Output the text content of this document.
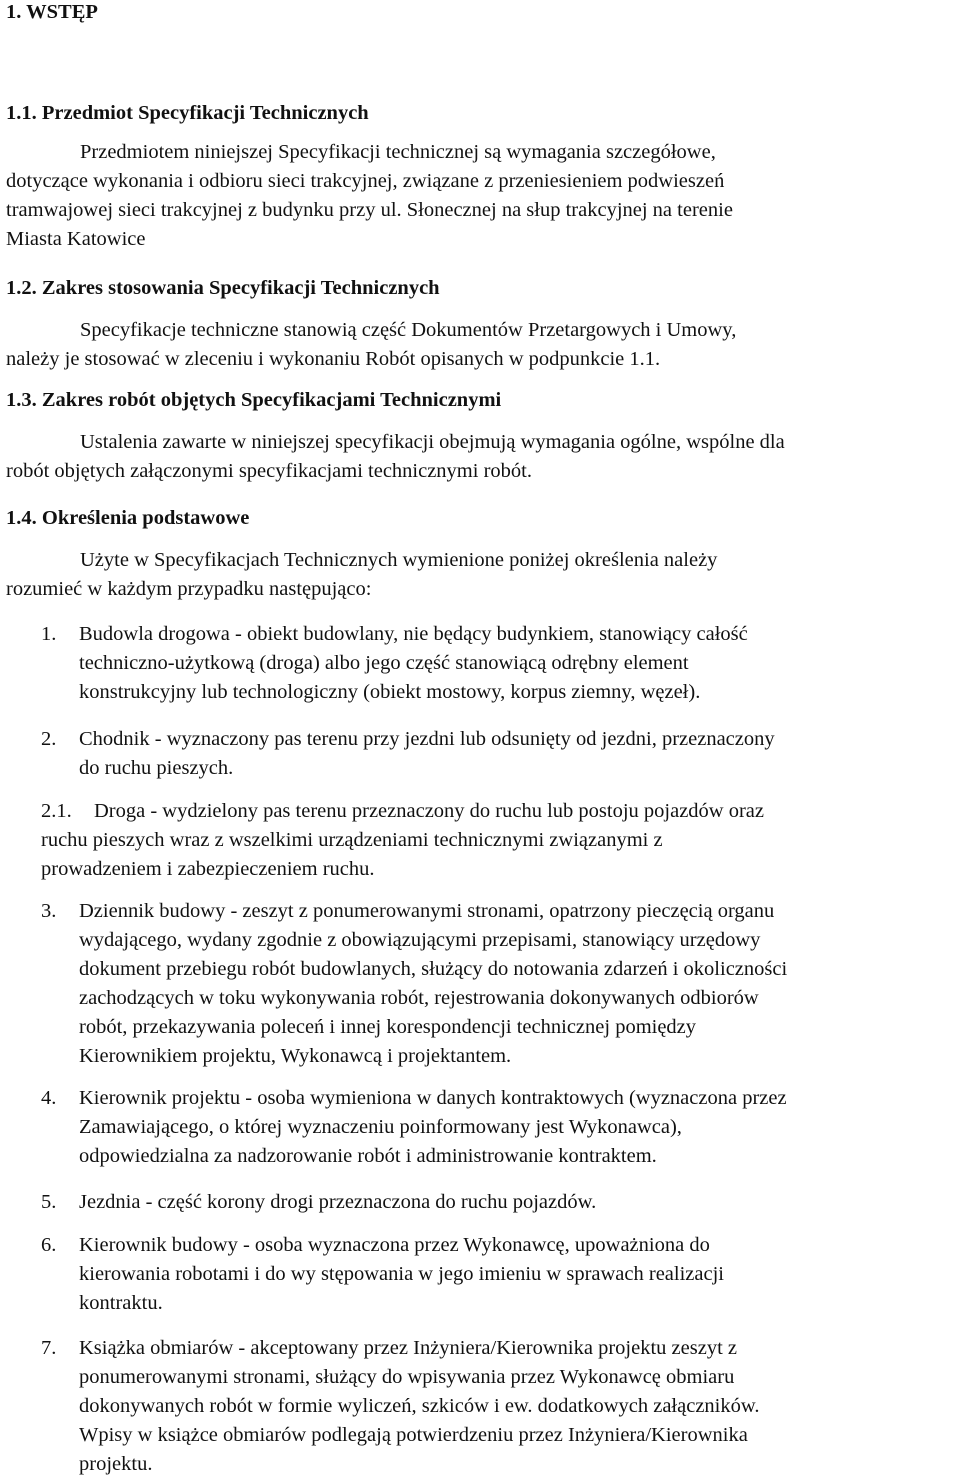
1. WSTĘP
1.1. Przedmiot Specyfikacji Technicznych
Przedmiotem niniejszej Specyfikacji technicznej są wymagania szczegółowe,
dotyczące wykonania i odbioru sieci trakcyjnej, związane z przeniesieniem podwieszeń
tramwajowej sieci trakcyjnej z budynku przy ul. Słonecznej na słup trakcyjnej na terenie
Miasta Katowice
1.2. Zakres stosowania Specyfikacji Technicznych
Specyfikacje techniczne stanowią część Dokumentów Przetargowych i Umowy,
należy je stosować w zleceniu i wykonaniu Robót opisanych w podpunkcie 1.1.
1.3. Zakres robót objętych Specyfikacjami Technicznymi
Ustalenia zawarte w niniejszej specyfikacji obejmują wymagania ogólne, wspólne dla
robót objętych załączonymi specyfikacjami technicznymi robót.
1.4. Określenia podstawowe
Użyte w Specyfikacjach Technicznych wymienione poniżej określenia należy
rozumieć w każdym przypadku następująco:
1.	Budowla drogowa - obiekt budowlany, nie będący budynkiem, stanowiący całość
techniczno-użytkową (droga) albo jego część stanowiącą odrębny element
konstrukcyjny lub technologiczny (obiekt mostowy, korpus ziemny, węzeł).
2.	Chodnik - wyznaczony pas terenu przy jezdni lub odsunięty od jezdni, przeznaczony
do ruchu pieszych.
2.1.	Droga - wydzielony pas terenu przeznaczony do ruchu lub postoju pojazdów oraz
ruchu pieszych wraz z wszelkimi urządzeniami technicznymi związanymi z
prowadzeniem i zabezpieczeniem ruchu.
3.	Dziennik budowy - zeszyt z ponumerowanymi stronami, opatrzony pieczęcią organu
wydającego, wydany zgodnie z obowiązującymi przepisami, stanowiący urzędowy
dokument przebiegu robót budowlanych, służący do notowania zdarzeń i okoliczności
zachodzących w toku wykonywania robót, rejestrowania dokonywanych odbiorów
robót, przekazywania poleceń i innej korespondencji technicznej pomiędzy
Kierownikiem projektu, Wykonawcą i projektantem.
4.	Kierownik projektu - osoba wymieniona w danych kontraktowych (wyznaczona przez
Zamawiającego, o której wyznaczeniu poinformowany jest Wykonawca),
odpowiedzialna za nadzorowanie robót i administrowanie kontraktem.
5.	Jezdnia - część korony drogi przeznaczona do ruchu pojazdów.
6.	Kierownik budowy - osoba wyznaczona przez Wykonawcę, upoważniona do
kierowania robotami i do wy stępowania w jego imieniu w sprawach realizacji
kontraktu.
7.	Książka obmiarów - akceptowany przez Inżyniera/Kierownika projektu zeszyt z
ponumerowanymi stronami, służący do wpisywania przez Wykonawcę obmiaru
dokonywanych robót w formie wyliczeń, szkiców i ew. dodatkowych załączników.
Wpisy w książce obmiarów podlegają potwierdzeniu przez Inżyniera/Kierownika
projektu.
